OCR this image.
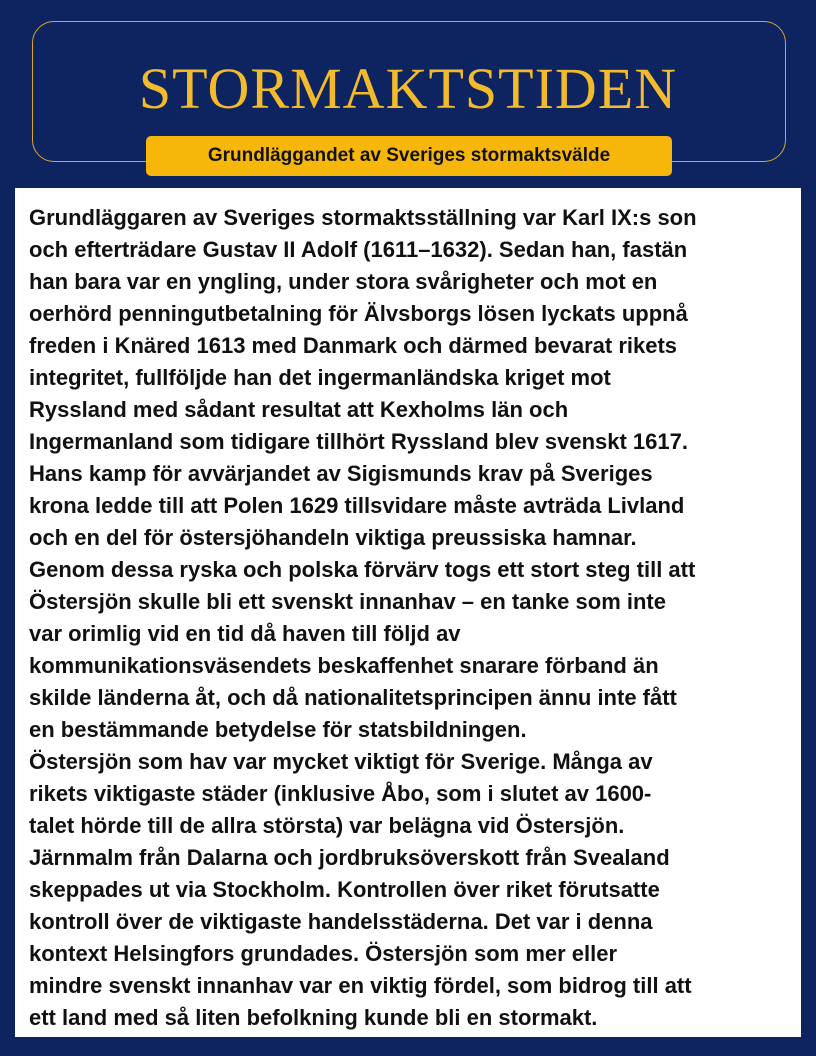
STORMAKTSTIDEN
Grundläggandet av Sveriges stormaktsvälde

Grundläggaren av Sveriges stormaktsställning var Karl IX:s son
och efterträdare Gustav II Adolf (1611–1632). Sedan han, fastän
han bara var en yngling, under stora svårigheter och mot en
oerhörd penningutbetalning för Älvsborgs lösen lyckats uppnå
freden i Knäred 1613 med Danmark och därmed bevarat rikets
integritet, fullföljde han det ingermanländska kriget mot
Ryssland med sådant resultat att Kexholms län och
Ingermanland som tidigare tillhört Ryssland blev svenskt 1617.
Hans kamp för avvärjandet av Sigismunds krav på Sveriges
krona ledde till att Polen 1629 tillsvidare måste avträda Livland
och en del för östersjöhandeln viktiga preussiska hamnar.
Genom dessa ryska och polska förvärv togs ett stort steg till att
Östersjön skulle bli ett svenskt innanhav – en tanke som inte
var orimlig vid en tid då haven till följd av
kommunikationsväsendets beskaffenhet snarare förband än
skilde länderna åt, och då nationalitetsprincipen ännu inte fått
en bestämmande betydelse för statsbildningen.

Östersjön som hav var mycket viktigt för Sverige. Många av
rikets viktigaste städer (inklusive Åbo, som i slutet av 1600-
talet hörde till de allra största) var belägna vid Östersjön.
Järnmalm från Dalarna och jordbruksöverskott från Svealand
skeppades ut via Stockholm. Kontrollen över riket förutsatte
kontroll över de viktigaste handelsstäderna. Det var i denna
kontext Helsingfors grundades. Östersjön som mer eller
mindre svenskt innanhav var en viktig fördel, som bidrog till att
ett land med så liten befolkning kunde bli en stormakt.
